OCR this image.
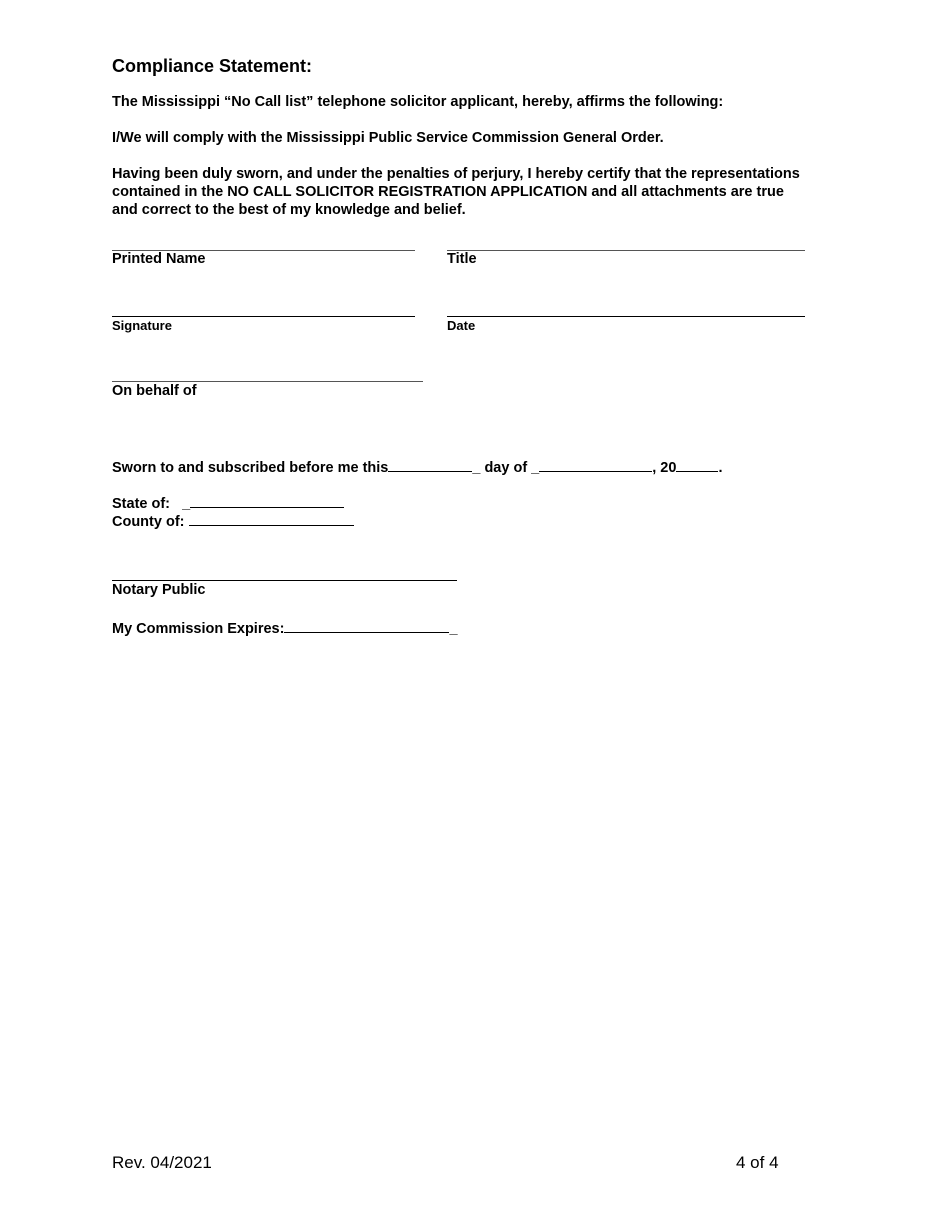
Compliance Statement:
The Mississippi “No Call list” telephone solicitor applicant, hereby, affirms the following:
I/We will comply with the Mississippi Public Service Commission General Order.
Having been duly sworn, and under the penalties of perjury, I hereby certify that the representations contained in the NO CALL SOLICITOR REGISTRATION APPLICATION and all attachments are true and correct to the best of my knowledge and belief.
Printed Name	Title
Signature	Date
On behalf of
Sworn to and subscribed before me this	_ day of _	, 20	.
State of: _
County of:
Notary Public
My Commission Expires:	_
Rev. 04/2021	4 of 4
